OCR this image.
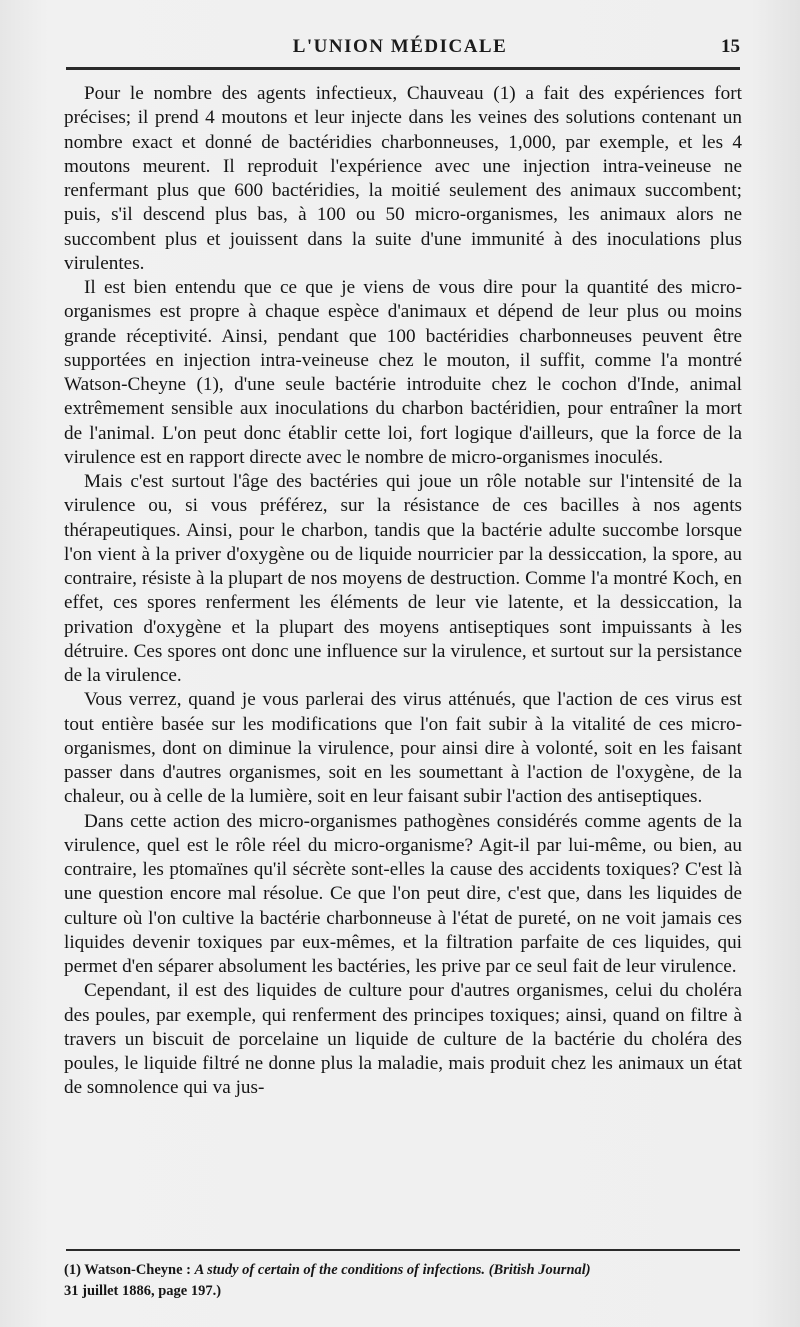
L'UNION MÉDICALE	15

Pour le nombre des agents infectieux, Chauveau (1) a fait des expériences fort précises; il prend 4 moutons et leur injecte dans les veines des solutions contenant un nombre exact et donné de bactéridies charbonneuses, 1,000, par exemple, et les 4 moutons meurent. Il reproduit l'expérience avec une injection intra-veineuse ne renfermant plus que 600 bactéridies, la moitié seulement des animaux succombent; puis, s'il descend plus bas, à 100 ou 50 micro-organismes, les animaux alors ne succombent plus et jouissent dans la suite d'une immunité à des inoculations plus virulentes.

Il est bien entendu que ce que je viens de vous dire pour la quantité des micro-organismes est propre à chaque espèce d'animaux et dépend de leur plus ou moins grande réceptivité. Ainsi, pendant que 100 bactéridies charbonneuses peuvent être supportées en injection intra-veineuse chez le mouton, il suffit, comme l'a montré Watson-Cheyne (1), d'une seule bactérie introduite chez le cochon d'Inde, animal extrêmement sensible aux inoculations du charbon bactéridien, pour entraîner la mort de l'animal. L'on peut donc établir cette loi, fort logique d'ailleurs, que la force de la virulence est en rapport directe avec le nombre de micro-organismes inoculés.

Mais c'est surtout l'âge des bactéries qui joue un rôle notable sur l'intensité de la virulence ou, si vous préférez, sur la résistance de ces bacilles à nos agents thérapeutiques. Ainsi, pour le charbon, tandis que la bactérie adulte succombe lorsque l'on vient à la priver d'oxygène ou de liquide nourricier par la dessiccation, la spore, au contraire, résiste à la plupart de nos moyens de destruction. Comme l'a montré Koch, en effet, ces spores renferment les éléments de leur vie latente, et la dessiccation, la privation d'oxygène et la plupart des moyens antiseptiques sont impuissants à les détruire. Ces spores ont donc une influence sur la virulence, et surtout sur la persistance de la virulence.

Vous verrez, quand je vous parlerai des virus atténués, que l'action de ces virus est tout entière basée sur les modifications que l'on fait subir à la vitalité de ces micro-organismes, dont on diminue la virulence, pour ainsi dire à volonté, soit en les faisant passer dans d'autres organismes, soit en les soumettant à l'action de l'oxygène, de la chaleur, ou à celle de la lumière, soit en leur faisant subir l'action des antiseptiques.

Dans cette action des micro-organismes pathogènes considérés comme agents de la virulence, quel est le rôle réel du micro-organisme? Agit-il par lui-même, ou bien, au contraire, les ptomaïnes qu'il sécrète sont-elles la cause des accidents toxiques? C'est là une question encore mal résolue. Ce que l'on peut dire, c'est que, dans les liquides de culture où l'on cultive la bactérie charbonneuse à l'état de pureté, on ne voit jamais ces liquides devenir toxiques par eux-mêmes, et la filtration parfaite de ces liquides, qui permet d'en séparer absolument les bactéries, les prive par ce seul fait de leur virulence.

Cependant, il est des liquides de culture pour d'autres organismes, celui du choléra des poules, par exemple, qui renferment des principes toxiques; ainsi, quand on filtre à travers un biscuit de porcelaine un liquide de culture de la bactérie du choléra des poules, le liquide filtré ne donne plus la maladie, mais produit chez les animaux un état de somnolence qui va jus-

(1) Watson-Cheyne : A study of certain of the conditions of infections. (British Journal)
31 juillet 1886, page 197.)
